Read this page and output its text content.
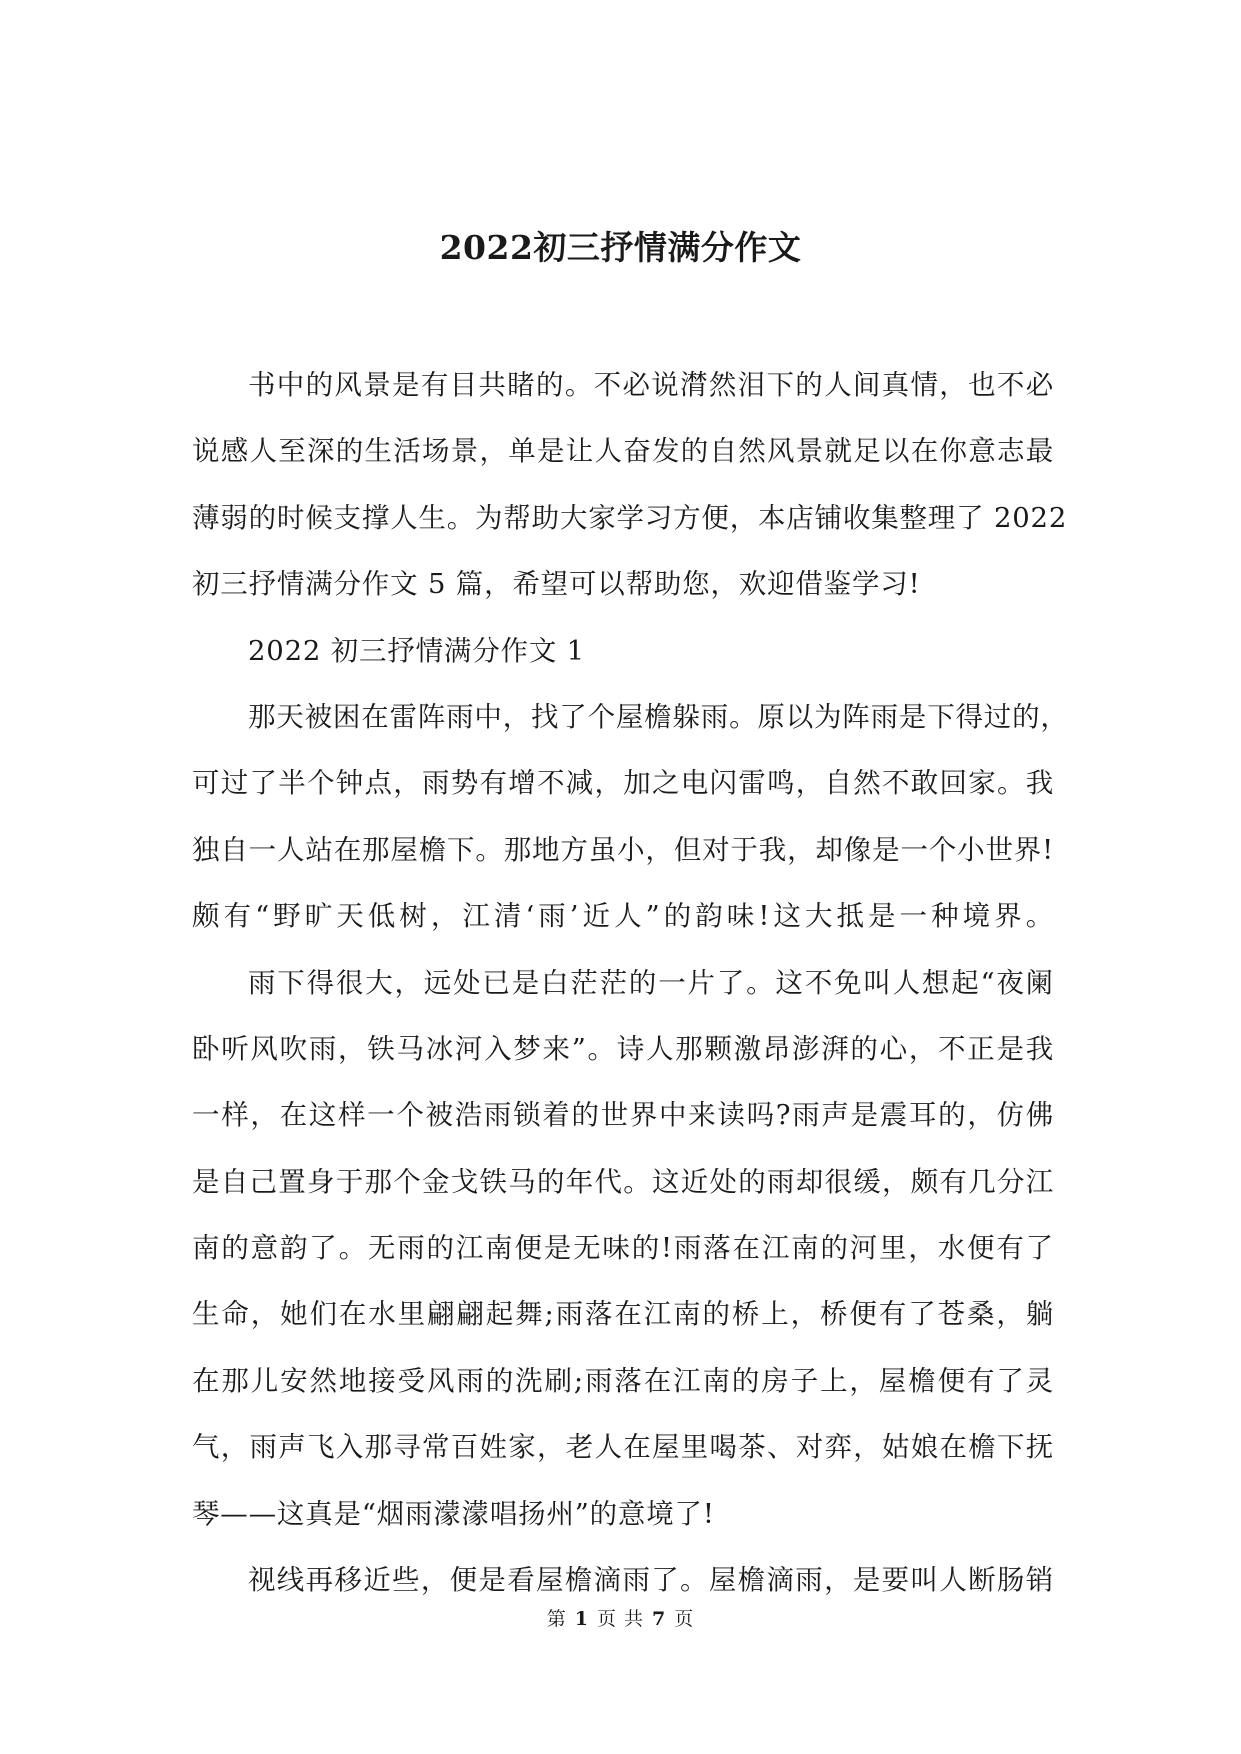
2022初三抒情满分作文
书中的风景是有目共睹的。不必说潸然泪下的人间真情，也不必
说感人至深的生活场景，单是让人奋发的自然风景就足以在你意志最
薄弱的时候支撑人生。为帮助大家学习方便，本店铺收集整理了 2022
初三抒情满分作文 5 篇，希望可以帮助您，欢迎借鉴学习!
2022 初三抒情满分作文 1
那天被困在雷阵雨中，找了个屋檐躲雨。原以为阵雨是下得过的，
可过了半个钟点，雨势有增不减，加之电闪雷鸣，自然不敢回家。我
独自一人站在那屋檐下。那地方虽小，但对于我，却像是一个小世界!
颇有“野旷天低树，江清‘雨’近人”的韵味!这大抵是一种境界。
雨下得很大，远处已是白茫茫的一片了。这不免叫人想起“夜阑
卧听风吹雨，铁马冰河入梦来”。诗人那颗激昂澎湃的心，不正是我
一样，在这样一个被浩雨锁着的世界中来读吗?雨声是震耳的，仿佛
是自己置身于那个金戈铁马的年代。这近处的雨却很缓，颇有几分江
南的意韵了。无雨的江南便是无味的!雨落在江南的河里，水便有了
生命，她们在水里翩翩起舞;雨落在江南的桥上，桥便有了苍桑，躺
在那儿安然地接受风雨的洗刷;雨落在江南的房子上，屋檐便有了灵
气，雨声飞入那寻常百姓家，老人在屋里喝茶、对弈，姑娘在檐下抚
琴——这真是“烟雨濛濛唱扬州”的意境了!
视线再移近些，便是看屋檐滴雨了。屋檐滴雨，是要叫人断肠销
第 1 页 共 7 页
